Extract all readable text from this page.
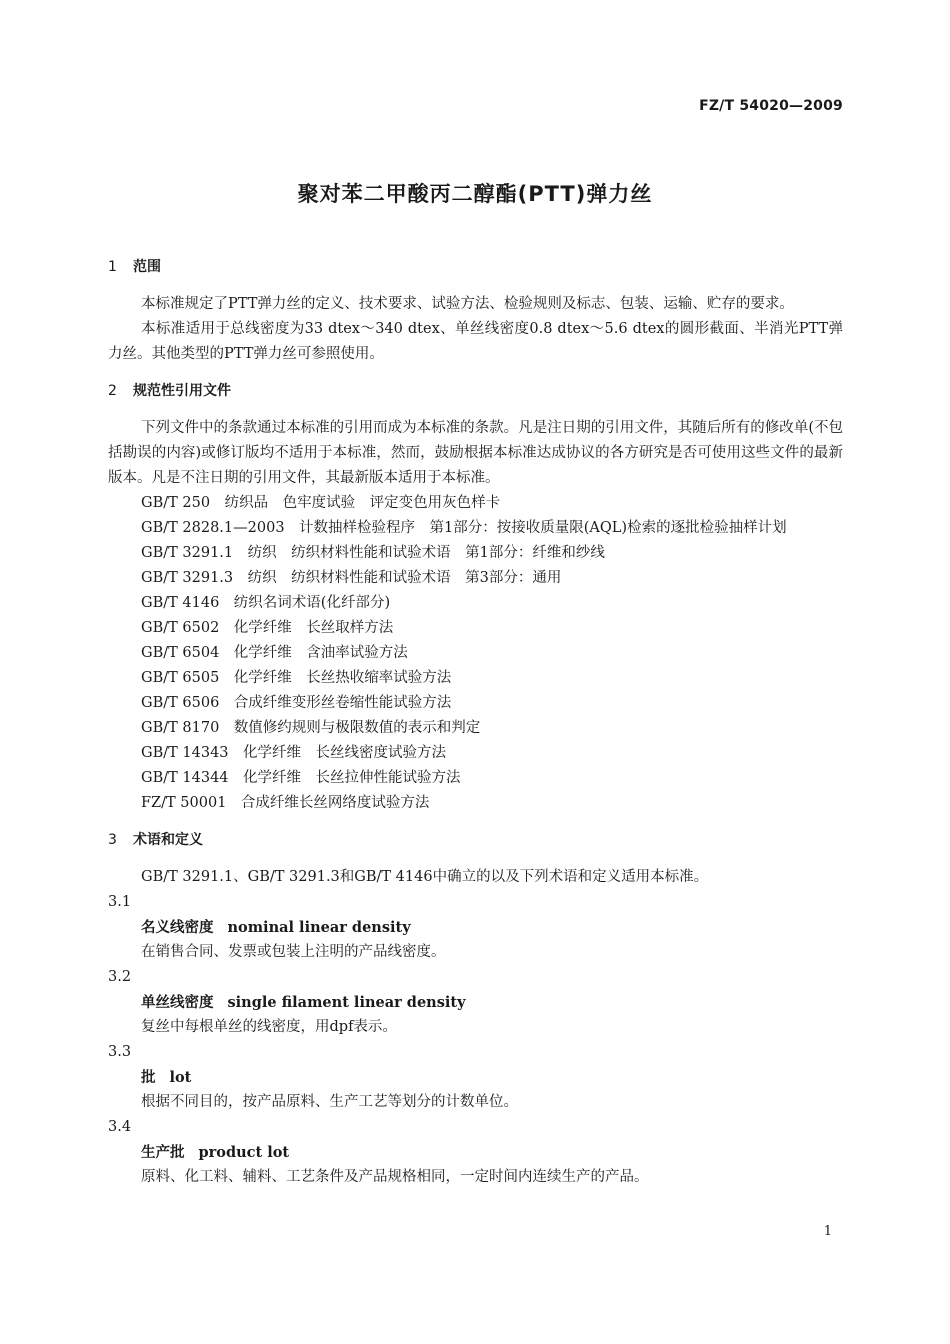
FZ/T 54020—2009
聚对苯二甲酸丙二醇酯(PTT)弹力丝
1 范围

本标准规定了PTT弹力丝的定义、技术要求、试验方法、检验规则及标志、包装、运输、贮存的要求。

本标准适用于总线密度为33 dtex～340 dtex、单丝线密度0.8 dtex～5.6 dtex的圆形截面、半消光PTT弹力丝。其他类型的PTT弹力丝可参照使用。

2 规范性引用文件

下列文件中的条款通过本标准的引用而成为本标准的条款。凡是注日期的引用文件，其随后所有的修改单(不包括勘误的内容)或修订版均不适用于本标准，然而，鼓励根据本标准达成协议的各方研究是否可使用这些文件的最新版本。凡是不注日期的引用文件，其最新版本适用于本标准。

GB/T 250　纺织品　色牢度试验　评定变色用灰色样卡
GB/T 2828.1—2003　计数抽样检验程序　第1部分：按接收质量限(AQL)检索的逐批检验抽样计划
GB/T 3291.1　纺织　纺织材料性能和试验术语　第1部分：纤维和纱线
GB/T 3291.3　纺织　纺织材料性能和试验术语　第3部分：通用
GB/T 4146　纺织名词术语(化纤部分)
GB/T 6502　化学纤维　长丝取样方法
GB/T 6504　化学纤维　含油率试验方法
GB/T 6505　化学纤维　长丝热收缩率试验方法
GB/T 6506　合成纤维变形丝卷缩性能试验方法
GB/T 8170　数值修约规则与极限数值的表示和判定
GB/T 14343　化学纤维　长丝线密度试验方法
GB/T 14344　化学纤维　长丝拉伸性能试验方法
FZ/T 50001　合成纤维长丝网络度试验方法
3 术语和定义

GB/T 3291.1、GB/T 3291.3和GB/T 4146中确立的以及下列术语和定义适用本标准。

3.1
名义线密度 nominal linear density
在销售合同、发票或包装上注明的产品线密度。
3.2
单丝线密度 single filament linear density
复丝中每根单丝的线密度，用dpf表示。
3.3
批 lot
根据不同目的，按产品原料、生产工艺等划分的计数单位。
3.4
生产批 product lot
原料、化工料、辅料、工艺条件及产品规格相同，一定时间内连续生产的产品。
1
